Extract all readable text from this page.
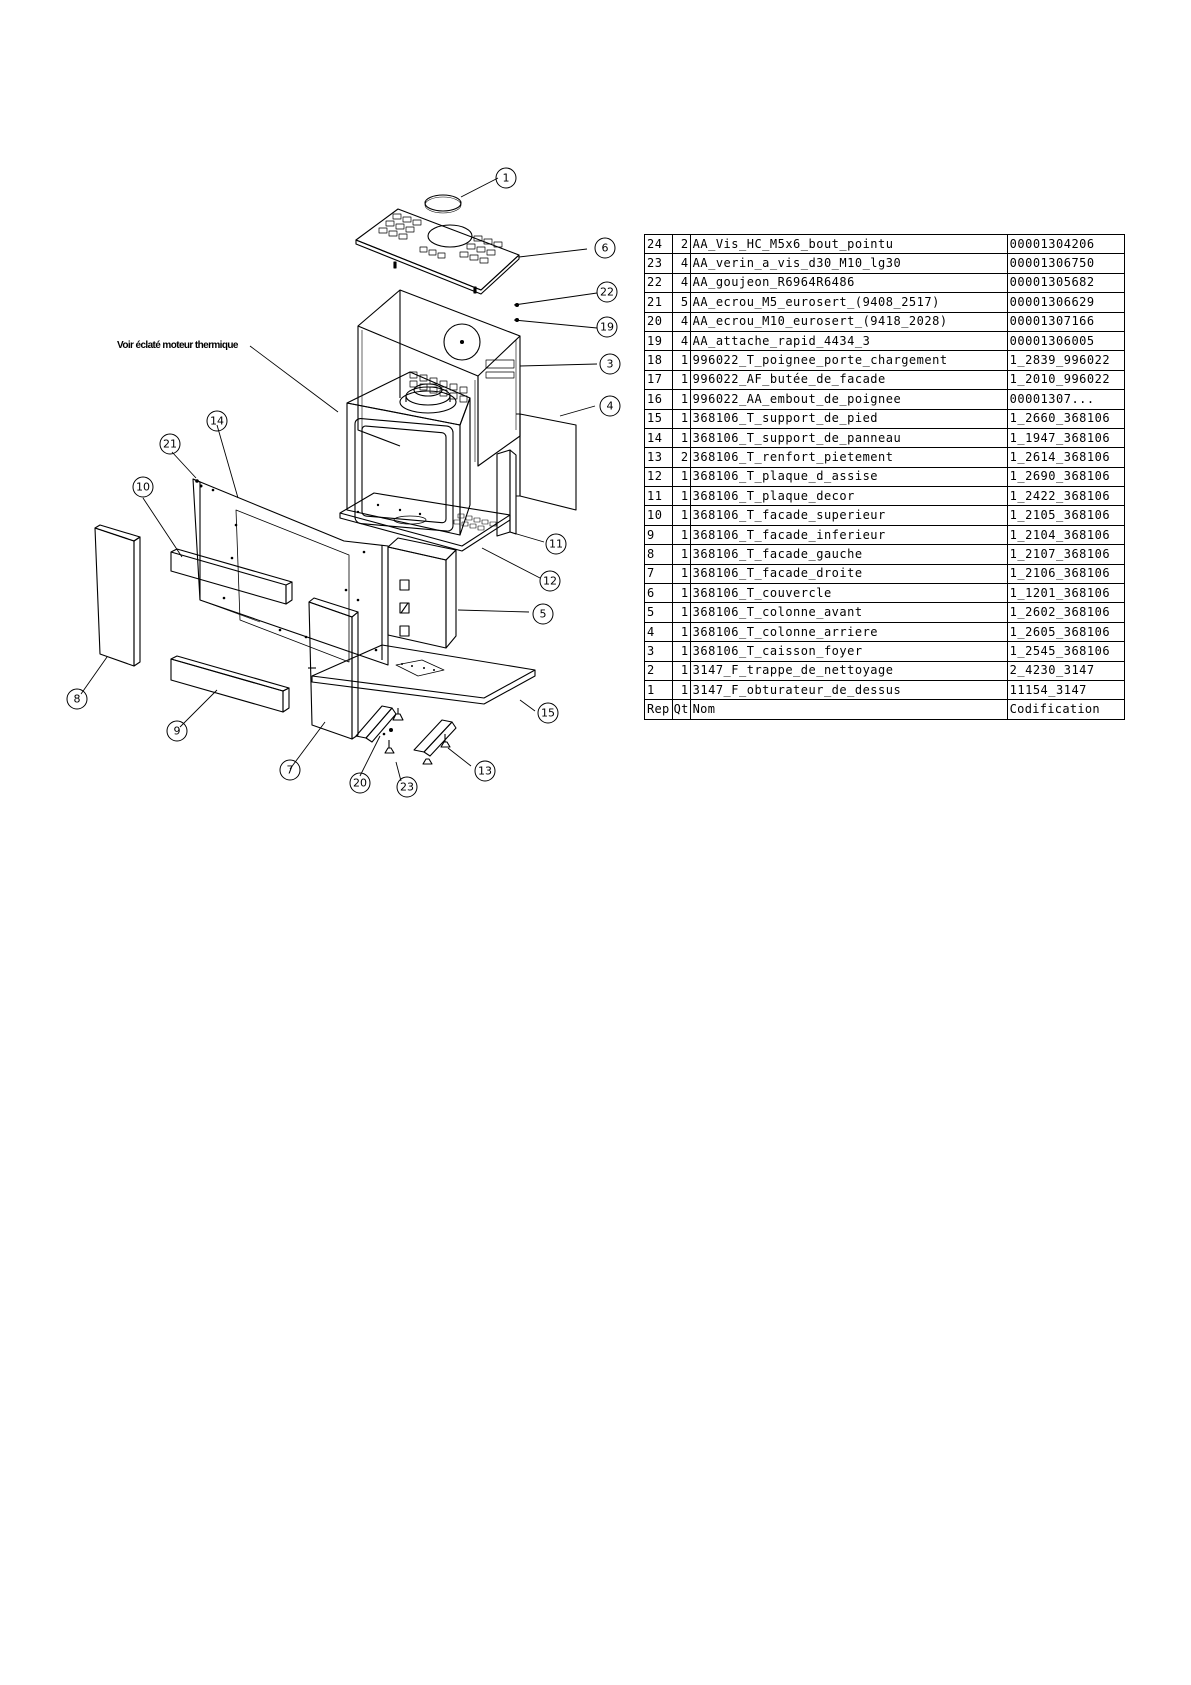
1
6
22
19
3
4
14
21
10
11
12
5
8
9
7
20	23
13
15
Voir éclaté moteur thermique
24	2	AA_Vis_HC_M5x6_bout_pointu	00001304206
23	4	AA_verin_a_vis_d30_M10_lg30	00001306750
22	4	AA_goujeon_R6964R6486	00001305682
21	5	AA_ecrou_M5_eurosert_(9408_2517)	00001306629
20	4	AA_ecrou_M10_eurosert_(9418_2028)	00001307166
19	4	AA_attache_rapid_4434_3	00001306005
18	1	996022_T_poignee_porte_chargement	1_2839_996022
17	1	996022_AF_butée_de_facade	1_2010_996022
16	1	996022_AA_embout_de_poignee	00001307...
15	1	368106_T_support_de_pied	1_2660_368106
14	1	368106_T_support_de_panneau	1_1947_368106
13	2	368106_T_renfort_pietement	1_2614_368106
12	1	368106_T_plaque_d_assise	1_2690_368106
11	1	368106_T_plaque_decor	1_2422_368106
10	1	368106_T_facade_superieur	1_2105_368106
9	1	368106_T_facade_inferieur	1_2104_368106
8	1	368106_T_facade_gauche	1_2107_368106
7	1	368106_T_facade_droite	1_2106_368106
6	1	368106_T_couvercle	1_1201_368106
5	1	368106_T_colonne_avant	1_2602_368106
4	1	368106_T_colonne_arriere	1_2605_368106
3	1	368106_T_caisson_foyer	1_2545_368106
2	1	3147_F_trappe_de_nettoyage	2_4230_3147
1	1	3147_F_obturateur_de_dessus	11154_3147
Rep	Qt	Nom	Codification
